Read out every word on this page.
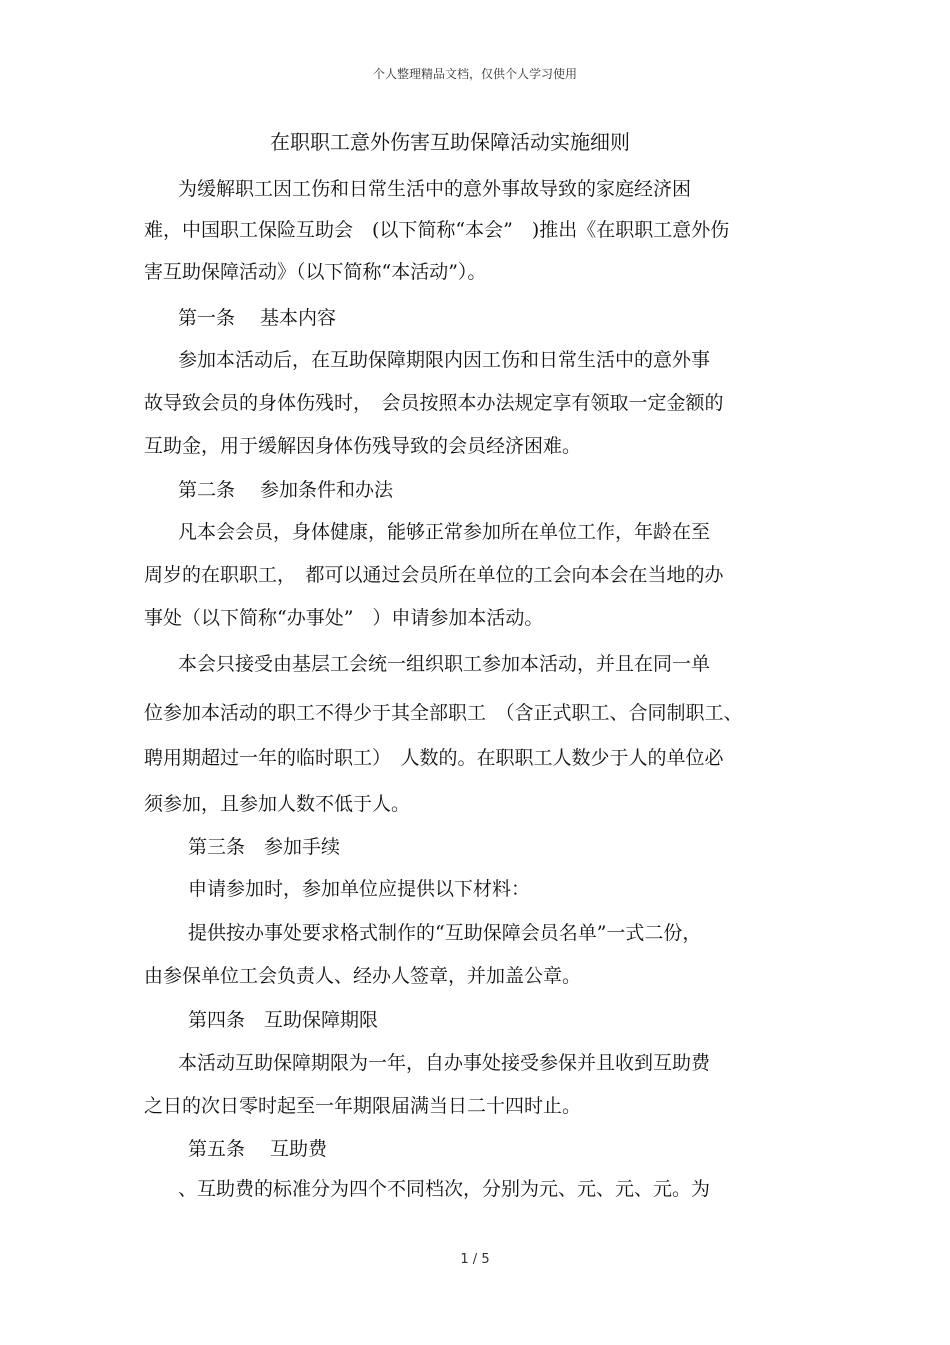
个人整理精品文档，仅供个人学习使用
在职职工意外伤害互助保障活动实施细则
为缓解职工因工伤和日常生活中的意外事故导致的家庭经济困
难，中国职工保险互助会　(以下简称“本会”　)推出《在职职工意外伤
害互助保障活动》（以下简称“本活动”）。
第一条　 基本内容
参加本活动后，在互助保障期限内因工伤和日常生活中的意外事
故导致会员的身体伤残时，　会员按照本办法规定享有领取一定金额的
互助金，用于缓解因身体伤残导致的会员经济困难。
第二条　 参加条件和办法
凡本会会员，身体健康，能够正常参加所在单位工作，年龄在至
周岁的在职职工，　都可以通过会员所在单位的工会向本会在当地的办
事处（以下简称“办事处”　）申请参加本活动。
本会只接受由基层工会统一组织职工参加本活动，并且在同一单
位参加本活动的职工不得少于其全部职工　（含正式职工、合同制职工、
聘用期超过一年的临时职工）　人数的。在职职工人数少于人的单位必
须参加，且参加人数不低于人。
第三条　参加手续
申请参加时，参加单位应提供以下材料：
提供按办事处要求格式制作的“互助保障会员名单”一式二份，
由参保单位工会负责人、经办人签章，并加盖公章。
第四条　互助保障期限
本活动互助保障期限为一年，自办事处接受参保并且收到互助费
之日的次日零时起至一年期限届满当日二十四时止。
第五条　 互助费
、互助费的标准分为四个不同档次，分别为元、元、元、元。为
1 / 5
